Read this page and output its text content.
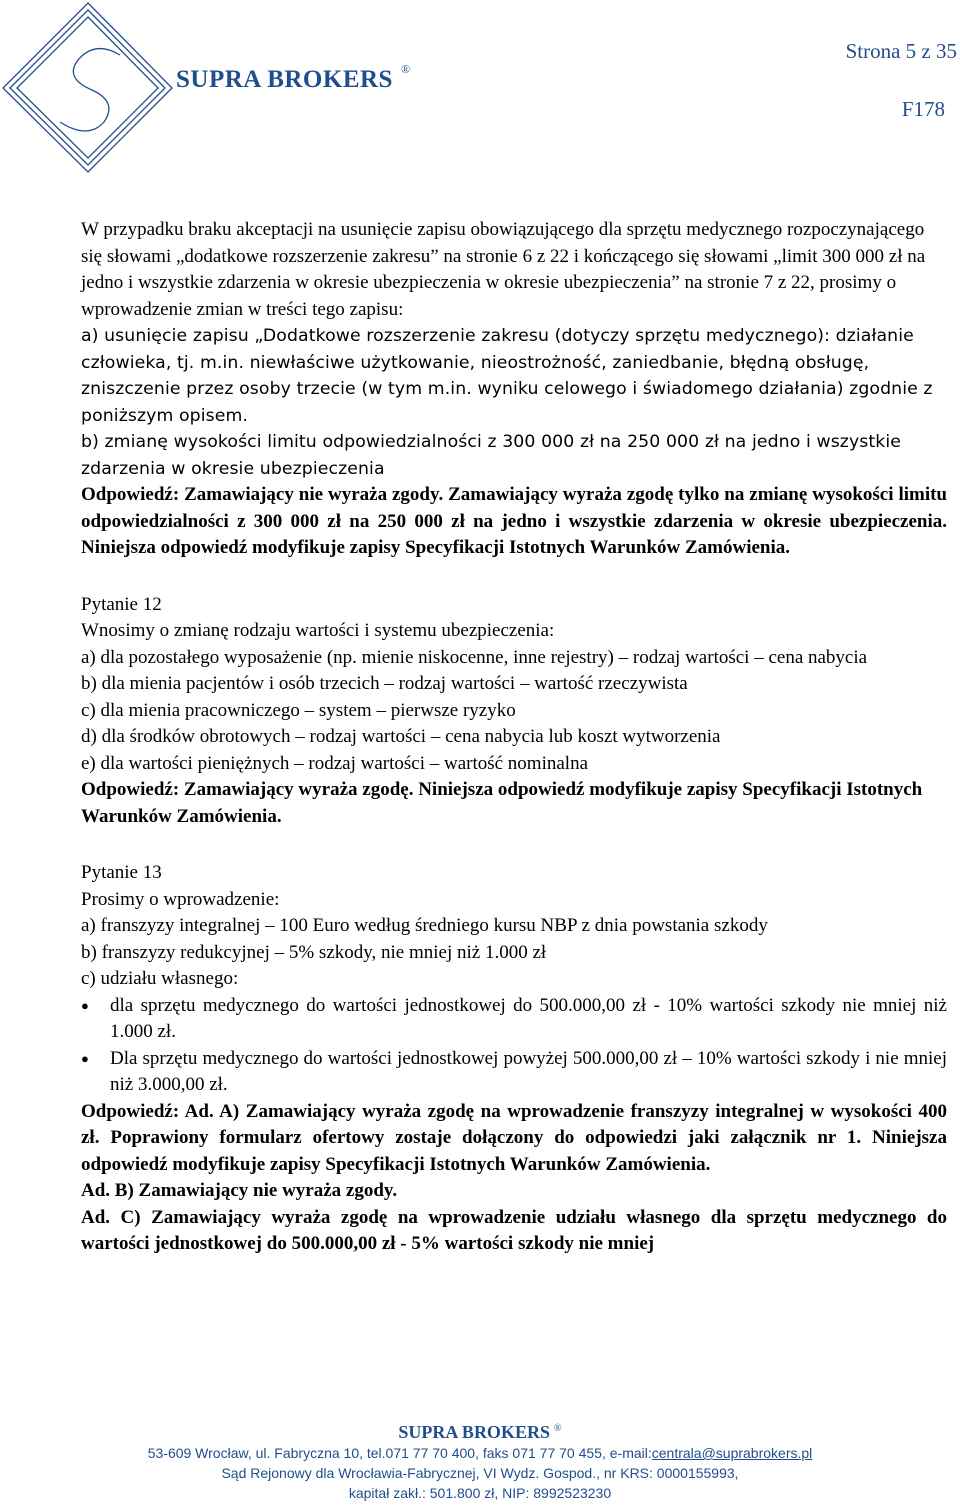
SUPRA BROKERS ®
Strona 5 z 35
F178

W przypadku braku akceptacji na usunięcie zapisu obowiązującego dla sprzętu medycznego rozpoczynającego się słowami „dodatkowe rozszerzenie zakresu” na stronie 6 z 22 i kończącego się słowami „limit 300 000 zł na jedno i wszystkie zdarzenia w okresie ubezpieczenia w okresie ubezpieczenia” na stronie 7 z 22, prosimy o wprowadzenie zmian w treści tego zapisu:

a) usunięcie zapisu „Dodatkowe rozszerzenie zakresu (dotyczy sprzętu medycznego): działanie człowieka, tj. m.in. niewłaściwe użytkowanie, nieostrożność, zaniedbanie, błędną obsługę, zniszczenie przez osoby trzecie (w tym m.in. wyniku celowego i świadomego działania) zgodnie z poniższym opisem.

b) zmianę wysokości limitu odpowiedzialności z 300 000 zł na 250 000 zł na jedno i wszystkie zdarzenia w okresie ubezpieczenia

Odpowiedź: Zamawiający nie wyraża zgody. Zamawiający wyraża zgodę tylko na zmianę wysokości limitu odpowiedzialności z 300 000 zł na 250 000 zł na jedno i wszystkie zdarzenia w okresie ubezpieczenia. Niniejsza odpowiedź modyfikuje zapisy Specyfikacji Istotnych Warunków Zamówienia.

Pytanie 12

Wnosimy o zmianę rodzaju wartości i systemu ubezpieczenia:

a) dla pozostałego wyposażenie (np. mienie niskocenne, inne rejestry) – rodzaj wartości – cena nabycia

b) dla mienia pacjentów i osób trzecich – rodzaj wartości – wartość rzeczywista

c) dla mienia pracowniczego – system – pierwsze ryzyko

d) dla środków obrotowych – rodzaj wartości – cena nabycia lub koszt wytworzenia

e) dla wartości pieniężnych – rodzaj wartości – wartość nominalna

Odpowiedź: Zamawiający wyraża zgodę. Niniejsza odpowiedź modyfikuje zapisy Specyfikacji Istotnych Warunków Zamówienia.

Pytanie 13

Prosimy o wprowadzenie:

a) franszyzy integralnej – 100 Euro według średniego kursu NBP z dnia powstania szkody

b) franszyzy redukcyjnej – 5% szkody, nie mniej niż 1.000 zł

c) udziału własnego:

● dla sprzętu medycznego do wartości jednostkowej do 500.000,00 zł - 10% wartości szkody nie mniej niż 1.000 zł.
● Dla sprzętu medycznego do wartości jednostkowej powyżej 500.000,00 zł – 10% wartości szkody i nie mniej niż 3.000,00 zł.

Odpowiedź: Ad. A) Zamawiający wyraża zgodę na wprowadzenie franszyzy integralnej w wysokości 400 zł. Poprawiony formularz ofertowy zostaje dołączony do odpowiedzi jaki załącznik nr 1. Niniejsza odpowiedź modyfikuje zapisy Specyfikacji Istotnych Warunków Zamówienia.

Ad. B) Zamawiający nie wyraża zgody.

Ad. C) Zamawiający wyraża zgodę na wprowadzenie udziału własnego dla sprzętu medycznego do wartości jednostkowej do 500.000,00 zł - 5% wartości szkody nie mniej

SUPRA BROKERS ®
53-609 Wrocław, ul. Fabryczna 10, tel.071 77 70 400, faks 071 77 70 455, e-mail:centrala@suprabrokers.pl
Sąd Rejonowy dla Wrocławia-Fabrycznej, VI Wydz. Gospod., nr KRS: 0000155993,
kapitał zakł.: 501.800 zł, NIP: 8992523230
